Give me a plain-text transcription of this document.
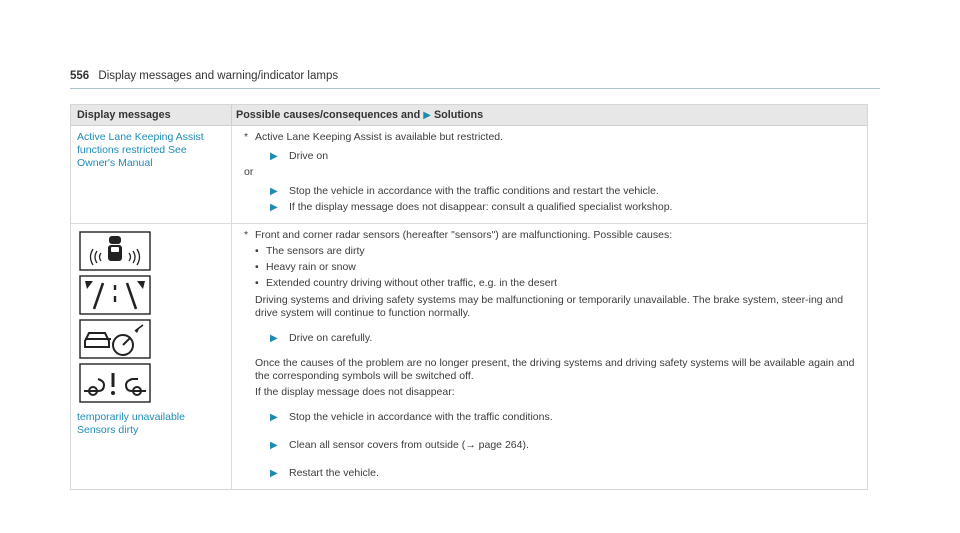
556 Display messages and warning/indicator lamps
Display messages	Possible causes/consequences and ▶ Solutions
Active Lane Keeping Assist functions restricted See Owner's Manual
* Active Lane Keeping Assist is available but restricted.
▶ Drive on
or
▶ Stop the vehicle in accordance with the traffic conditions and restart the vehicle.
▶ If the display message does not disappear: consult a qualified specialist workshop.
temporarily unavailable
Sensors dirty
* Front and corner radar sensors (hereafter "sensors") are malfunctioning. Possible causes:
• The sensors are dirty
• Heavy rain or snow
• Extended country driving without other traffic, e.g. in the desert
Driving systems and driving safety systems may be malfunctioning or temporarily unavailable. The brake system, steer-ing and drive system will continue to function normally.
▶ Drive on carefully.
Once the causes of the problem are no longer present, the driving systems and driving safety systems will be available again and the corresponding symbols will be switched off.
If the display message does not disappear:
▶ Stop the vehicle in accordance with the traffic conditions.
▶ Clean all sensor covers from outside (→ page 264).
▶ Restart the vehicle.
